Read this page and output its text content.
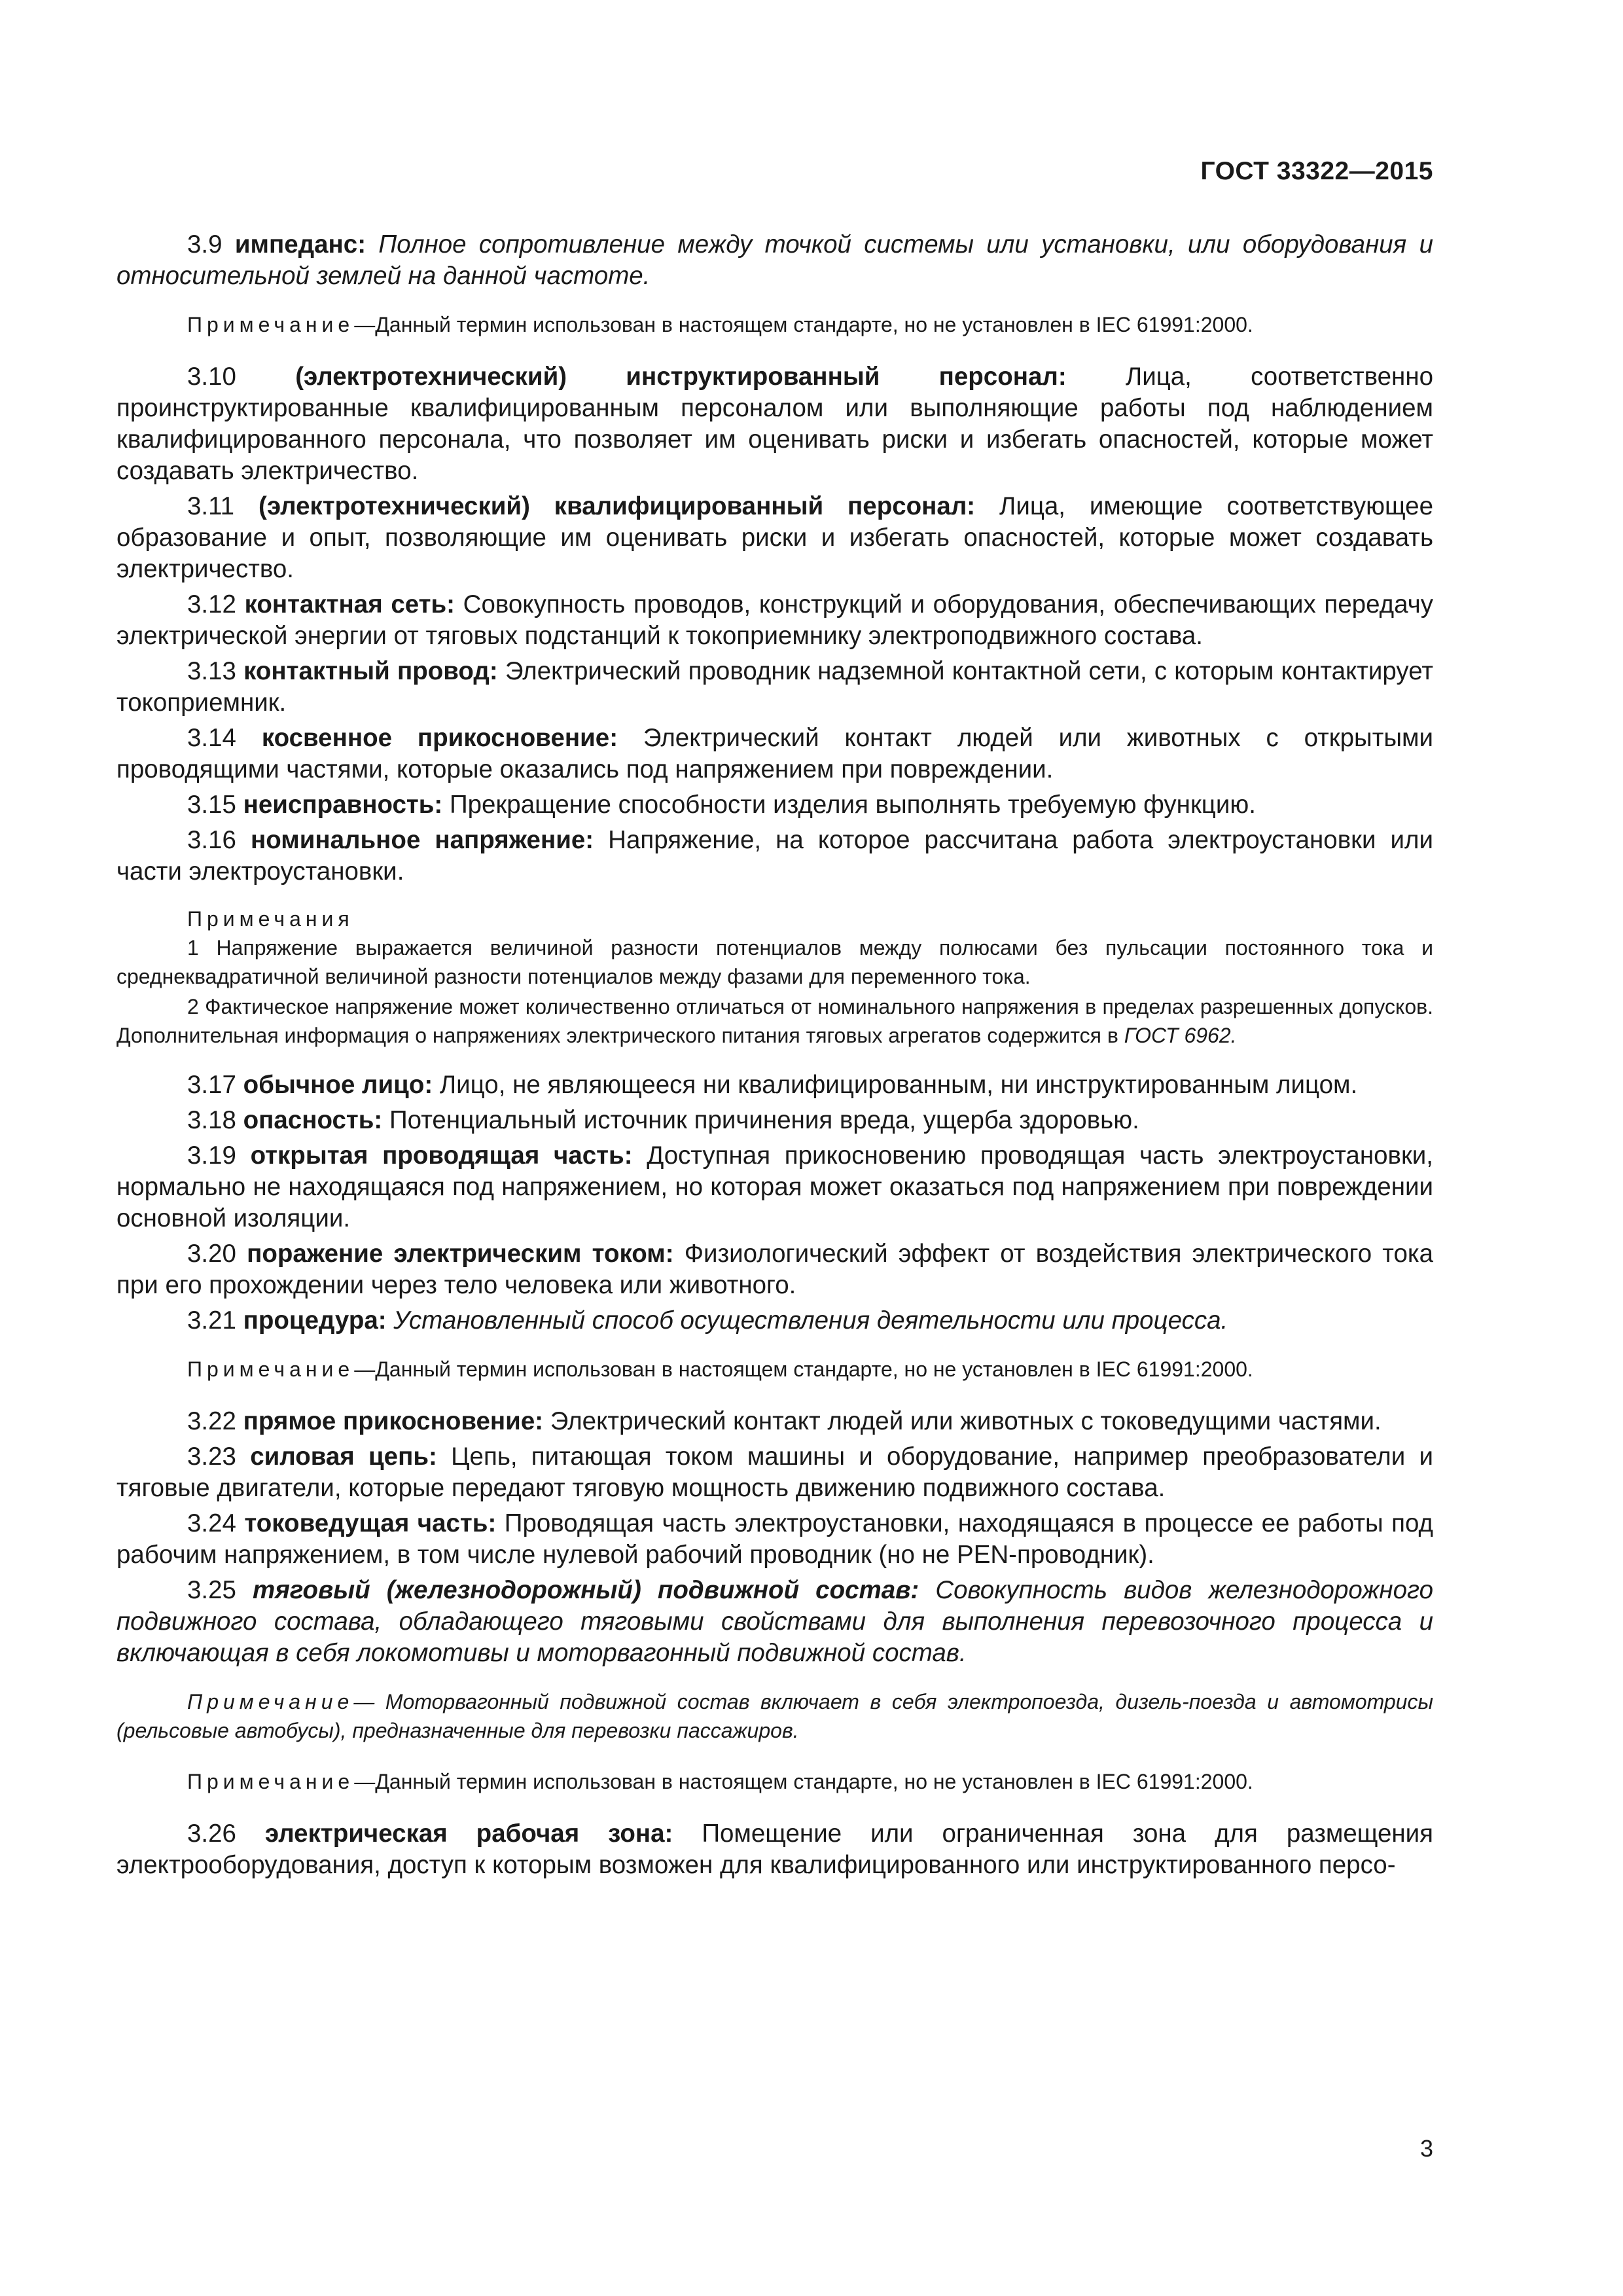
ГОСТ 33322—2015

3.9 импеданс: Полное сопротивление между точкой системы или установки, или оборудования и относительной землей на данной частоте.

Примечание—Данный термин использован в настоящем стандарте, но не установлен в IEC 61991:2000.

3.10 (электротехнический) инструктированный персонал: Лица, соответственно проинструктированные квалифицированным персоналом или выполняющие работы под наблюдением квалифицированного персонала, что позволяет им оценивать риски и избегать опасностей, которые может создавать электричество.

3.11 (электротехнический) квалифицированный персонал: Лица, имеющие соответствующее образование и опыт, позволяющие им оценивать риски и избегать опасностей, которые может создавать электричество.

3.12 контактная сеть: Совокупность проводов, конструкций и оборудования, обеспечивающих передачу электрической энергии от тяговых подстанций к токоприемнику электроподвижного состава.

3.13 контактный провод: Электрический проводник надземной контактной сети, с которым контактирует токоприемник.

3.14 косвенное прикосновение: Электрический контакт людей или животных с открытыми проводящими частями, которые оказались под напряжением при повреждении.

3.15 неисправность: Прекращение способности изделия выполнять требуемую функцию.

3.16 номинальное напряжение: Напряжение, на которое рассчитана работа электроустановки или части электроустановки.

Примечания

1 Напряжение выражается величиной разности потенциалов между полюсами без пульсации постоянного тока и среднеквадратичной величиной разности потенциалов между фазами для переменного тока.

2 Фактическое напряжение может количественно отличаться от номинального напряжения в пределах разрешенных допусков. Дополнительная информация о напряжениях электрического питания тяговых агрегатов содержится в ГОСТ 6962.

3.17 обычное лицо: Лицо, не являющееся ни квалифицированным, ни инструктированным лицом.

3.18 опасность: Потенциальный источник причинения вреда, ущерба здоровью.

3.19 открытая проводящая часть: Доступная прикосновению проводящая часть электроустановки, нормально не находящаяся под напряжением, но которая может оказаться под напряжением при повреждении основной изоляции.

3.20 поражение электрическим током: Физиологический эффект от воздействия электрического тока при его прохождении через тело человека или животного.

3.21 процедура: Установленный способ осуществления деятельности или процесса.

Примечание—Данный термин использован в настоящем стандарте, но не установлен в IEC 61991:2000.

3.22 прямое прикосновение: Электрический контакт людей или животных с токоведущими частями.

3.23 силовая цепь: Цепь, питающая током машины и оборудование, например преобразователи и тяговые двигатели, которые передают тяговую мощность движению подвижного состава.

3.24 токоведущая часть: Проводящая часть электроустановки, находящаяся в процессе ее работы под рабочим напряжением, в том числе нулевой рабочий проводник (но не PEN-проводник).

3.25 тяговый (железнодорожный) подвижной состав: Совокупность видов железнодорожного подвижного состава, обладающего тяговыми свойствами для выполнения перевозочного процесса и включающая в себя локомотивы и моторвагонный подвижной состав.

Примечание— Моторвагонный подвижной состав включает в себя электропоезда, дизель-поезда и автомотрисы (рельсовые автобусы), предназначенные для перевозки пассажиров.

Примечание—Данный термин использован в настоящем стандарте, но не установлен в IEC 61991:2000.

3.26 электрическая рабочая зона: Помещение или ограниченная зона для размещения электрооборудования, доступ к которым возможен для квалифицированного или инструктированного персо-

3
